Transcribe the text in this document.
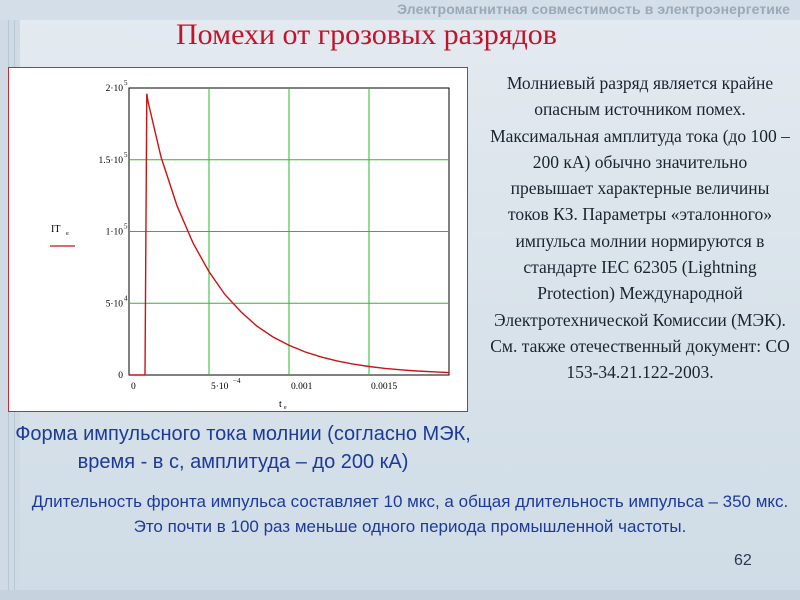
Электромагнитная совместимость в электроэнергетике
Помехи от грозовых разрядов
0
5·10
4
1·10
5
1.5·10
5
2·10
5
0	5·10	0.001	0.0015
−4
IT e
t e
Молниевый разряд является крайне опасным источником помех. Максимальная амплитуда тока (до 100 – 200 кА) обычно значительно превышает характерные величины токов КЗ. Параметры «эталонного» импульса молнии нормируются в стандарте IEC 62305 (Lightning Protection) Международной Электротехнической Комиссии (МЭК). См. также отечественный документ: СО 153-34.21.122-2003.
Форма импульсного тока молнии (согласно МЭК, время - в с, амплитуда – до 200 кА)
Длительность фронта импульса составляет 10 мкс, а общая длительность импульса – 350 мкс. Это почти в 100 раз меньше одного периода промышленной частоты.
62
